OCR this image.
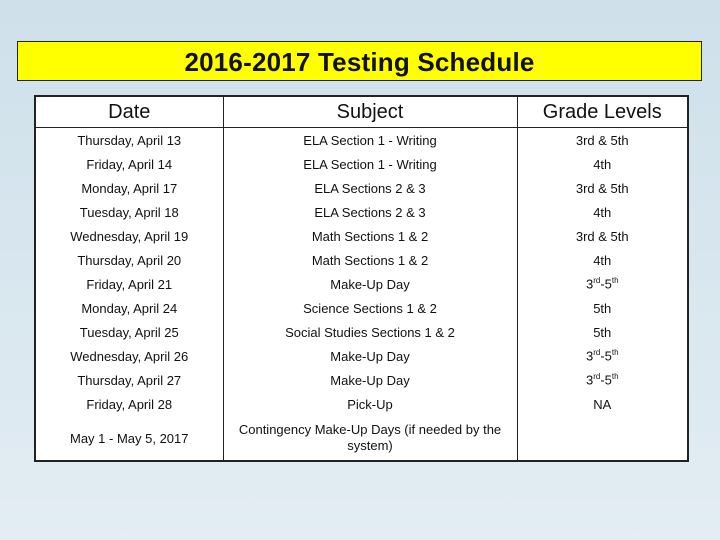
2016-2017 Testing Schedule
Date	Subject	Grade Levels
Thursday, April 13	ELA Section 1 - Writing	3rd & 5th
Friday, April 14	ELA Section 1 - Writing	4th
Monday, April 17	ELA Sections 2 & 3	3rd & 5th
Tuesday, April 18	ELA Sections 2 & 3	4th
Wednesday, April 19	Math Sections 1 & 2	3rd & 5th
Thursday, April 20	Math Sections 1 & 2	4th
Friday, April 21	Make-Up Day	3rd-5th
Monday, April 24	Science Sections 1 & 2	5th
Tuesday, April 25	Social Studies Sections 1 & 2	5th
Wednesday, April 26	Make-Up Day	3rd-5th
Thursday, April 27	Make-Up Day	3rd-5th
Friday, April 28	Pick-Up	NA
May 1 - May 5, 2017	Contingency Make-Up Days (if needed by the system)	
